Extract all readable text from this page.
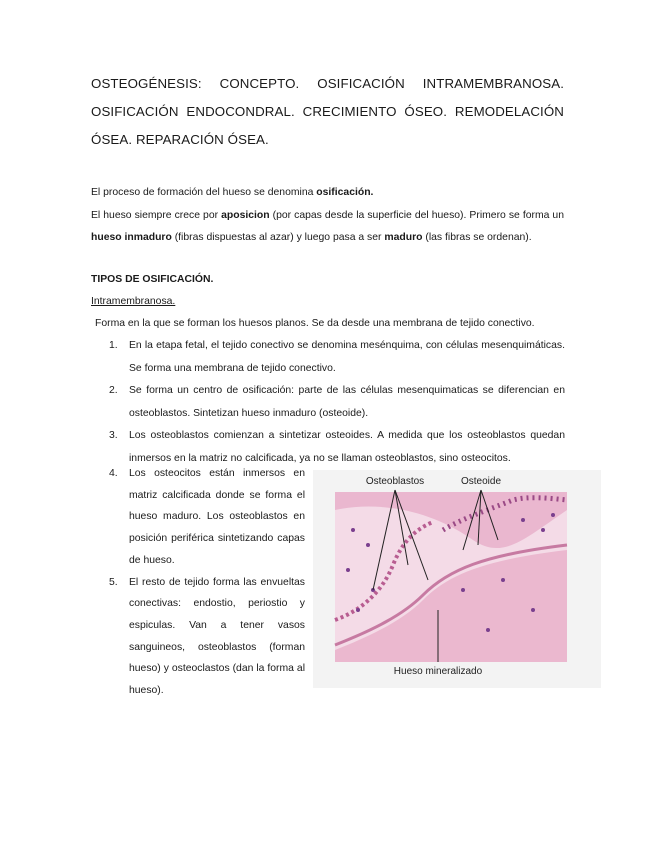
OSTEOGÉNESIS: CONCEPTO. OSIFICACIÓN INTRAMEMBRANOSA. OSIFICACIÓN ENDOCONDRAL. CRECIMIENTO ÓSEO. REMODELACIÓN ÓSEA. REPARACIÓN ÓSEA.
El proceso de formación del hueso se denomina osificación.
El hueso siempre crece por aposicion (por capas desde la superficie del hueso). Primero se forma un hueso inmaduro (fibras dispuestas al azar) y luego pasa a ser maduro (las fibras se ordenan).
TIPOS DE OSIFICACIÓN.
Intramembranosa.
Forma en la que se forman los huesos planos. Se da desde una membrana de tejido conectivo.
1. En la etapa fetal, el tejido conectivo se denomina mesénquima, con células mesenquimáticas. Se forma una membrana de tejido conectivo.
2. Se forma un centro de osificación: parte de las células mesenquimaticas se diferencian en osteoblastos. Sintetizan hueso inmaduro (osteoide).
3. Los osteoblastos comienzan a sintetizar osteoides. A medida que los osteoblastos quedan inmersos en la matriz no calcificada, ya no se llaman osteoblastos, sino osteocitos.
4. Los osteocitos están inmersos en matriz calcificada donde se forma el hueso maduro. Los osteoblastos en posición periférica sintetizando capas de hueso.
5. El resto de tejido forma las envueltas conectivas: endostio, periostio y espiculas. Van a tener vasos sanguineos, osteoblastos (forman hueso) y osteoclastos (dan la forma al hueso).
Osteoblastos	Osteoide
Hueso mineralizado
